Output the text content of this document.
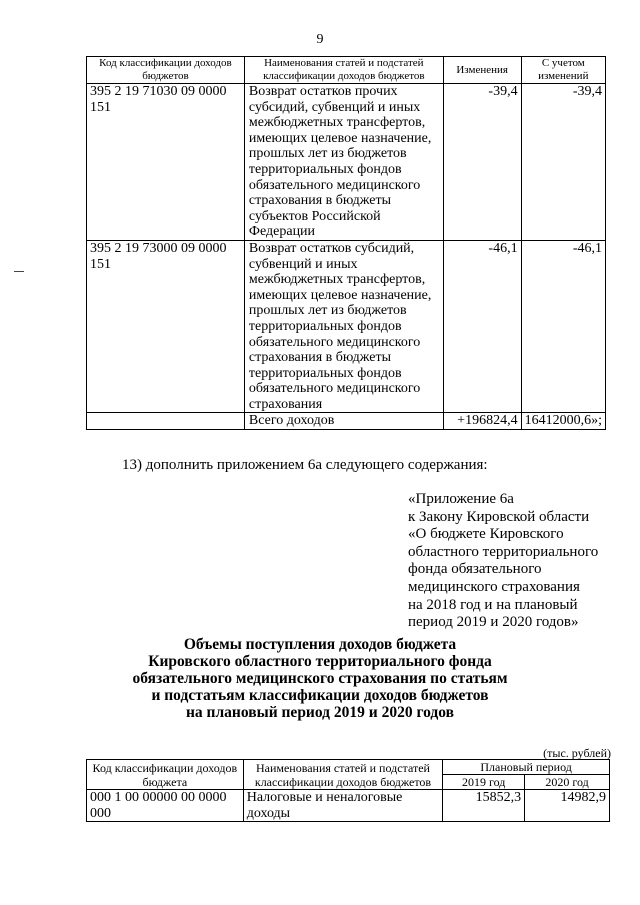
9
Код классификации доходов бюджетов	Наименования статей и подстатей классификации доходов бюджетов	Изменения	С учетом изменений
395 2 19 71030 09 0000 151	Возврат остатков прочих субсидий, субвенций и иных межбюджетных трансфертов, имеющих целевое назначение, прошлых лет из бюджетов территориальных фондов обязательного медицинского страхования в бюджеты субъектов Российской Федерации	-39,4	-39,4
395 2 19 73000 09 0000 151	Возврат остатков субсидий, субвенций и иных межбюджетных трансфертов, имеющих целевое назначение, прошлых лет из бюджетов территориальных фондов обязательного медицинского страхования в бюджеты территориальных фондов обязательного медицинского страхования	-46,1	-46,1
	Всего доходов	+196824,4	16412000,6»;
13) дополнить приложением 6а следующего содержания:
«Приложение 6а
к Закону Кировской области
«О бюджете Кировского
областного территориального
фонда обязательного
медицинского страхования
на 2018 год и на плановый
период 2019 и 2020 годов»
Объемы поступления доходов бюджета
Кировского областного территориального фонда
обязательного медицинского страхования по статьям
и подстатьям классификации доходов бюджетов
на плановый период 2019 и 2020 годов
(тыс. рублей)
Код классификации доходов бюджета	Наименования статей и подстатей классификации доходов бюджетов	Плановый период	
		2019 год	2020 год
000 1 00 00000 00 0000 000	Налоговые и неналоговые доходы	15852,3	14982,9
